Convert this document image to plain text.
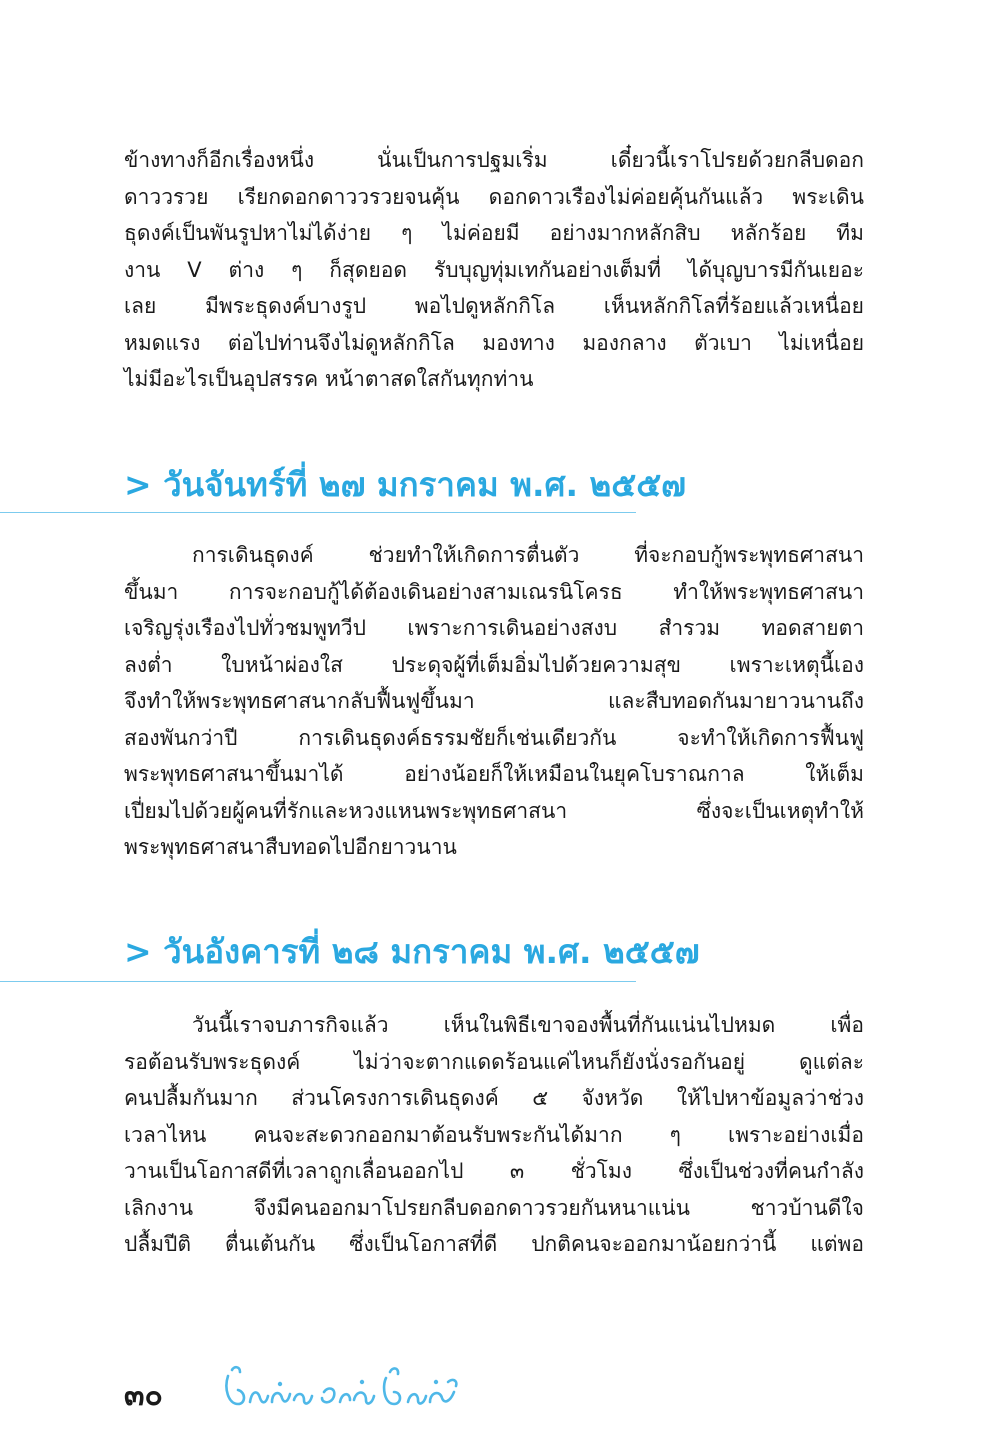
ข้างทางก็อีกเรื่องหนึ่ง นั่นเป็นการปฐมเริ่ม เดี๋ยวนี้เราโปรยด้วยกลีบดอก
ดาววรวย เรียกดอกดาววรวยจนคุ้น ดอกดาวเรืองไม่ค่อยคุ้นกันแล้ว พระเดิน
ธุดงค์เป็นพันรูปหาไม่ได้ง่าย ๆ ไม่ค่อยมี อย่างมากหลักสิบ หลักร้อย ทีม
งาน V ต่าง ๆ ก็สุดยอด รับบุญทุ่มเทกันอย่างเต็มที่ ได้บุญบารมีกันเยอะ
เลย มีพระธุดงค์บางรูป พอไปดูหลักกิโล เห็นหลักกิโลที่ร้อยแล้วเหนื่อย
หมดแรง ต่อไปท่านจึงไม่ดูหลักกิโล มองทาง มองกลาง ตัวเบา ไม่เหนื่อย
ไม่มีอะไรเป็นอุปสรรค หน้าตาสดใสกันทุกท่าน
> วันจันทร์ที่ ๒๗ มกราคม พ.ศ. ๒๕๕๗
การเดินธุดงค์ ช่วยทำให้เกิดการตื่นตัว ที่จะกอบกู้พระพุทธศาสนา
ขึ้นมา การจะกอบกู้ได้ต้องเดินอย่างสามเณรนิโครธ ทำให้พระพุทธศาสนา
เจริญรุ่งเรืองไปทั่วชมพูทวีป เพราะการเดินอย่างสงบ สำรวม ทอดสายตา
ลงต่ำ ใบหน้าผ่องใส ประดุจผู้ที่เต็มอิ่มไปด้วยความสุข เพราะเหตุนี้เอง
จึงทำให้พระพุทธศาสนากลับฟื้นฟูขึ้นมา และสืบทอดกันมายาวนานถึง
สองพันกว่าปี การเดินธุดงค์ธรรมชัยก็เช่นเดียวกัน จะทำให้เกิดการฟื้นฟู
พระพุทธศาสนาขึ้นมาได้ อย่างน้อยก็ให้เหมือนในยุคโบราณกาล ให้เต็ม
เปี่ยมไปด้วยผู้คนที่รักและหวงแหนพระพุทธศาสนา ซึ่งจะเป็นเหตุทำให้
พระพุทธศาสนาสืบทอดไปอีกยาวนาน
> วันอังคารที่ ๒๘ มกราคม พ.ศ. ๒๕๕๗
วันนี้เราจบภารกิจแล้ว เห็นในพิธีเขาจองพื้นที่กันแน่นไปหมด เพื่อ
รอต้อนรับพระธุดงค์ ไม่ว่าจะตากแดดร้อนแค่ไหนก็ยังนั่งรอกันอยู่ ดูแต่ละ
คนปลื้มกันมาก ส่วนโครงการเดินธุดงค์ ๕ จังหวัด ให้ไปหาข้อมูลว่าช่วง
เวลาไหน คนจะสะดวกออกมาต้อนรับพระกันได้มาก ๆ เพราะอย่างเมื่อ
วานเป็นโอกาสดีที่เวลาถูกเลื่อนออกไป ๓ ชั่วโมง ซึ่งเป็นช่วงที่คนกำลัง
เลิกงาน จึงมีคนออกมาโปรยกลีบดอกดาวรวยกันหนาแน่น ชาวบ้านดีใจ
ปลื้มปีติ ตื่นเต้นกัน ซึ่งเป็นโอกาสที่ดี ปกติคนจะออกมาน้อยกว่านี้ แต่พอ
๓๐
